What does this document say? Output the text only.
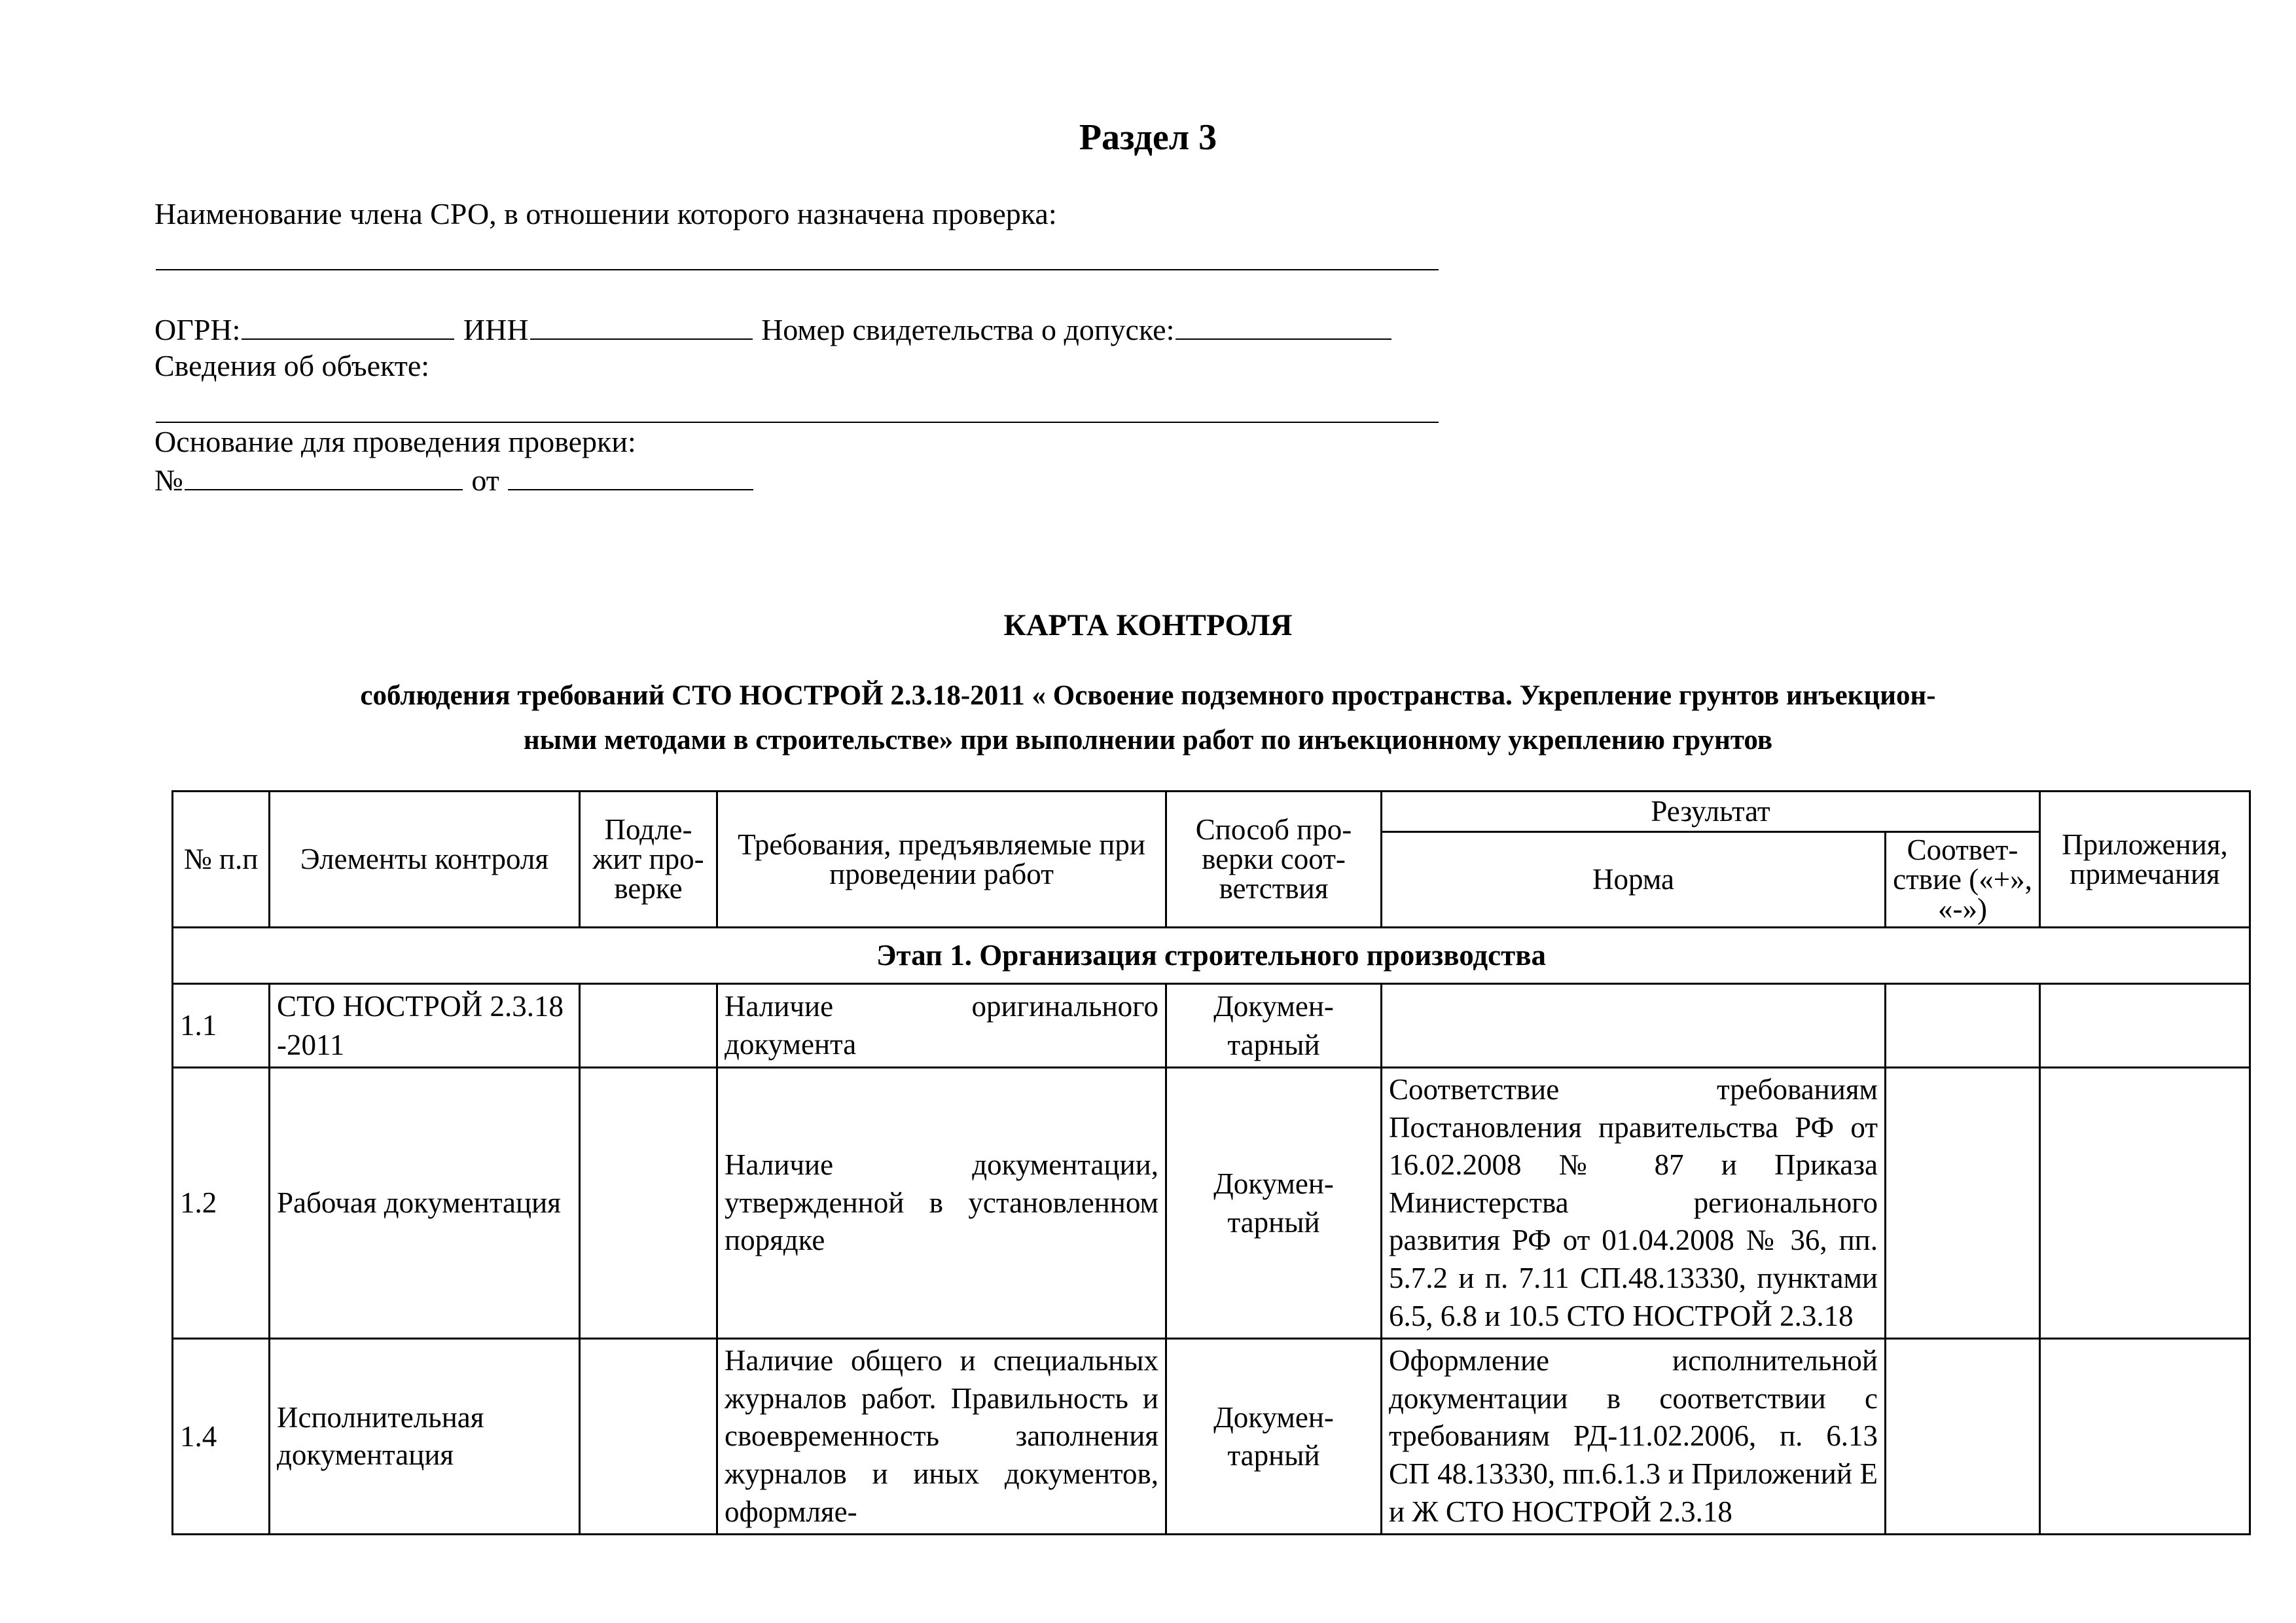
Раздел 3
Наименование члена СРО, в отношении которого назначена проверка:
ОГРН:	ИНН	Номер свидетельства о допуске:
Сведения об объекте:
Основание для проведения проверки:
№	от
КАРТА КОНТРОЛЯ
соблюдения требований СТО НОСТРОЙ 2.3.18-2011 « Освоение подземного пространства. Укрепление грунтов инъекцион-
ными методами в строительстве» при выполнении работ по инъекционному укреплению грунтов
№ п.п	Элементы контроля	Подле-жит про-верке	Требования, предъявляемые при проведении работ	Способ про-верки соот-ветствия	Результат		Приложения, примечания
					Норма	Соответ-ствие («+», «-»)	
Этап 1. Организация строительного производства							
1.1	СТО НОСТРОЙ 2.3.18 -2011		Наличие оригинального документа	Докумен-тарный			
1.2	Рабочая документация		Наличие документации, утвержденной в установленном порядке	Докумен-тарный	Соответствие требованиям Постановления правительства РФ от 16.02.2008 № 87 и Приказа Министерства регионального развития РФ от 01.04.2008 № 36, пп. 5.7.2 и п. 7.11 СП.48.13330, пунктами 6.5, 6.8 и 10.5 СТО НОСТРОЙ 2.3.18		
1.4	Исполнительная документация		Наличие общего и специальных журналов работ. Правильность и своевременность заполнения журналов и иных документов, оформляе-	Докумен-тарный	Оформление исполнительной документации в соответствии с требованиям РД-11.02.2006, п. 6.13 СП 48.13330, пп.6.1.3 и Приложений Е и Ж СТО НОСТРОЙ 2.3.18		
